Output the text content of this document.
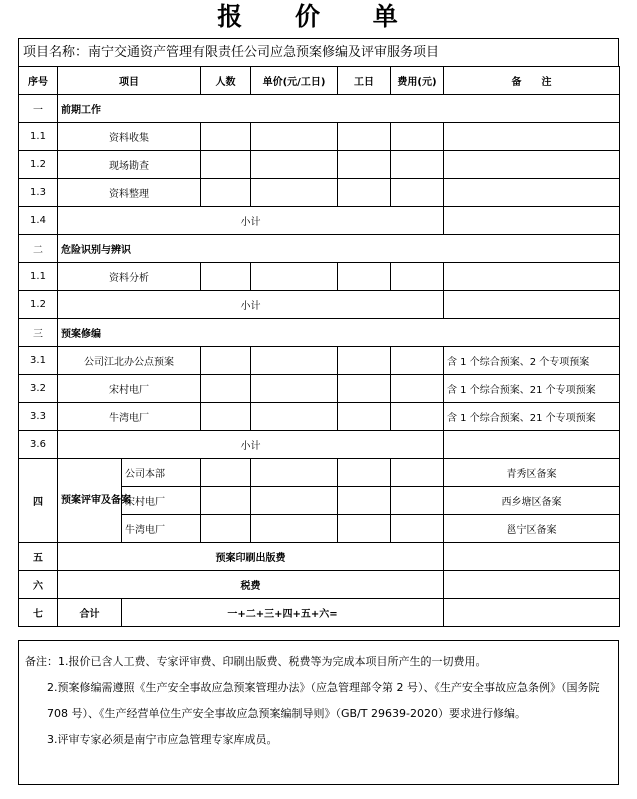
报 价 单
项目名称：南宁交通资产管理有限责任公司应急预案修编及评审服务项目
序号	项目		人数	单价(元/工日)	工日	费用(元)	备　　注
一	前期工作						
1.1	资料收集						
1.2	现场勘查						
1.3	资料整理						
1.4	小计						
二	危险识别与辨识						
1.1	资料分析						
1.2	小计						
三	预案修编						
3.1	公司江北办公点预案						含 1 个综合预案、2 个专项预案
3.2	宋村电厂						含 1 个综合预案、21 个专项预案
3.3	牛湾电厂						含 1 个综合预案、21 个专项预案
3.6	小计						
四	预案评审及备案	公司本部					青秀区备案
		宋村电厂					西乡塘区备案
		牛湾电厂					邕宁区备案
五	预案印刷出版费						
六	税费						
七	合计	一+二+三+四+五+六=					

备注：1.报价已含人工费、专家评审费、印刷出版费、税费等为完成本项目所产生的一切费用。

2.预案修编需遵照《生产安全事故应急预案管理办法》（应急管理部令第 2 号）、《生产安全事故应急条例》（国务院 708 号）、《生产经营单位生产安全事故应急预案编制导则》（GB/T 29639-2020）要求进行修编。

3.评审专家必须是南宁市应急管理专家库成员。
